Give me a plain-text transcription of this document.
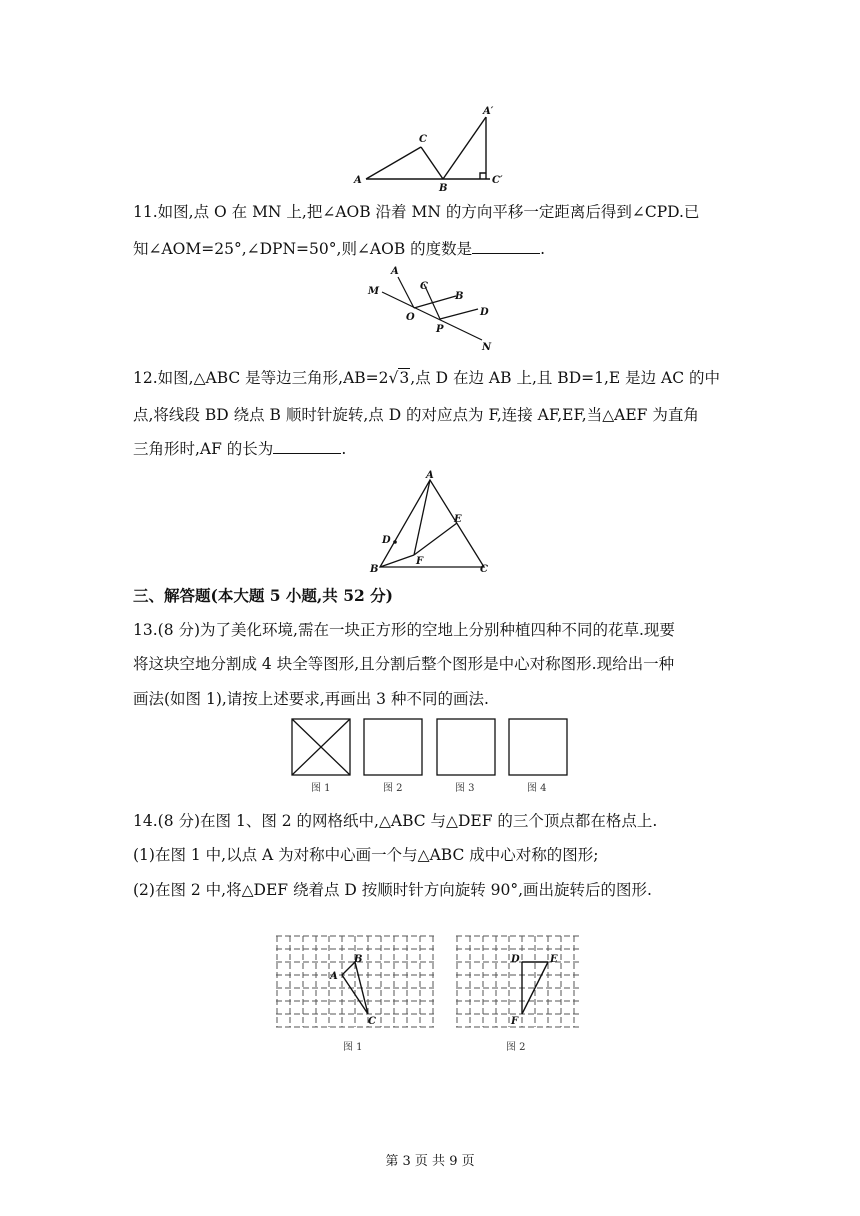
A
C
B
A′
C′
11.如图,点 O 在 MN 上,把∠AOB 沿着 MN 的方向平移一定距离后得到∠CPD.已
知∠AOM=25°,∠DPN=50°,则∠AOB 的度数是	.
A
M	C
B
O
P
D
N
12.如图,△ABC 是等边三角形,AB=2√3,点 D 在边 AB 上,且 BD=1,E 是边 AC 的中
点,将线段 BD 绕点 B 顺时针旋转,点 D 的对应点为 F,连接 AF,EF,当△AEF 为直角
三角形时,AF 的长为	.
A
E
D
B
F
C
三、解答题(本大题 5 小题,共 52 分)
13.(8 分)为了美化环境,需在一块正方形的空地上分别种植四种不同的花草.现要
将这块空地分割成 4 块全等图形,且分割后整个图形是中心对称图形.现给出一种
画法(如图 1),请按上述要求,再画出 3 种不同的画法.
图 1	图 2	图 3	图 4
14.(8 分)在图 1、图 2 的网格纸中,△ABC 与△DEF 的三个顶点都在格点上.
(1)在图 1 中,以点 A 为对称中心画一个与△ABC 成中心对称的图形;
(2)在图 2 中,将△DEF 绕着点 D 按顺时针方向旋转 90°,画出旋转后的图形.
A
B
C
图 1
D	E
F
图 2
第 3 页 共 9 页
